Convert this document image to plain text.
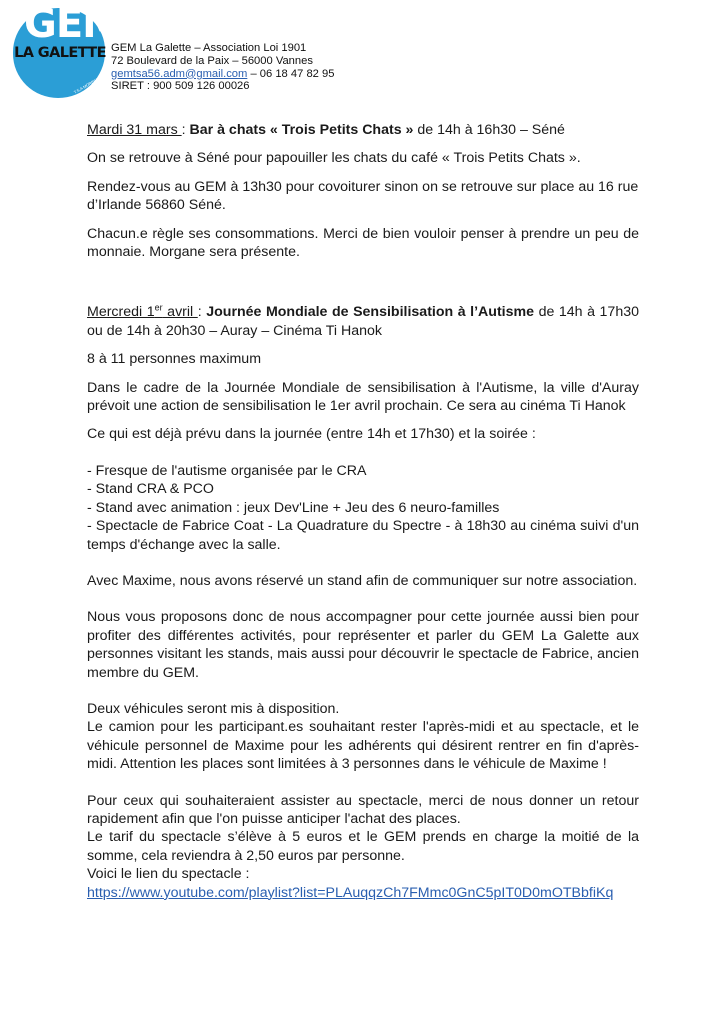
GEM
LA GALETTE
T.S.A MORBIHAN
GEM La Galette – Association Loi 1901
72 Boulevard de la Paix – 56000 Vannes
gemtsa56.adm@gmail.com – 06 18 47 82 95
SIRET : 900 509 126 00026

Mardi 31 mars : Bar à chats « Trois Petits Chats » de 14h à 16h30 – Séné

On se retrouve à Séné pour papouiller les chats du café « Trois Petits Chats ».

Rendez-vous au GEM à 13h30 pour covoiturer sinon on se retrouve sur place au 16 rue d’Irlande 56860 Séné.

Chacun.e règle ses consommations. Merci de bien vouloir penser à prendre un peu de monnaie. Morgane sera présente.

Mercredi 1er avril : Journée Mondiale de Sensibilisation à l’Autisme de 14h à 17h30 ou de 14h à 20h30 – Auray – Cinéma Ti Hanok

8 à 11 personnes maximum

Dans le cadre de la Journée Mondiale de sensibilisation à l'Autisme, la ville d'Auray prévoit une action de sensibilisation le 1er avril prochain. Ce sera au cinéma Ti Hanok

Ce qui est déjà prévu dans la journée (entre 14h et 17h30) et la soirée :

- Fresque de l'autisme organisée par le CRA
- Stand CRA & PCO
- Stand avec animation : jeux Dev'Line + Jeu des 6 neuro-familles
- Spectacle de Fabrice Coat - La Quadrature du Spectre - à 18h30 au cinéma suivi d'un temps d'échange avec la salle.

Avec Maxime, nous avons réservé un stand afin de communiquer sur notre association.

Nous vous proposons donc de nous accompagner pour cette journée aussi bien pour profiter des différentes activités, pour représenter et parler du GEM La Galette aux personnes visitant les stands, mais aussi pour découvrir le spectacle de Fabrice, ancien membre du GEM.

Deux véhicules seront mis à disposition.

Le camion pour les participant.es souhaitant rester l'après-midi et au spectacle, et le véhicule personnel de Maxime pour les adhérents qui désirent rentrer en fin d'après-midi. Attention les places sont limitées à 3 personnes dans le véhicule de Maxime !

Pour ceux qui souhaiteraient assister au spectacle, merci de nous donner un retour rapidement afin que l'on puisse anticiper l'achat des places.

Le tarif du spectacle s’élève à 5 euros et le GEM prends en charge la moitié de la somme, cela reviendra à 2,50 euros par personne.

Voici le lien du spectacle :

https://www.youtube.com/playlist?list=PLAuqqzCh7FMmc0GnC5pIT0D0mOTBbfiKq
